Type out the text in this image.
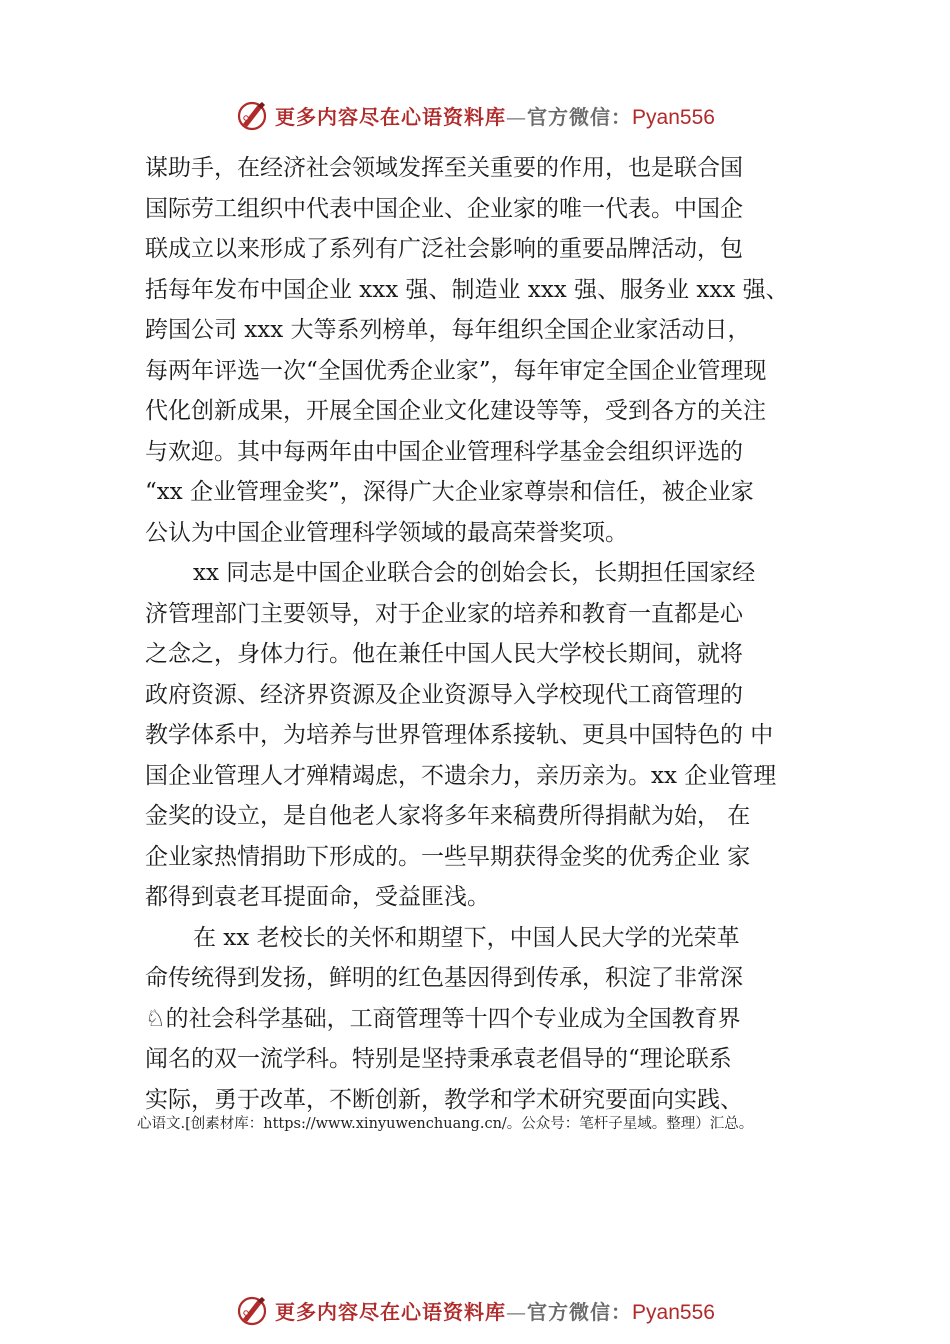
更多内容尽在心语资料库—官方微信：Pyan556
谋助手，在经济社会领域发挥至关重要的作用，也是联合国
国际劳工组织中代表中国企业、企业家的唯一代表。中国企
联成立以来形成了系列有广泛社会影响的重要品牌活动，包
括每年发布中国企业 xxx 强、制造业 xxx 强、服务业 xxx 强、
跨国公司 xxx 大等系列榜单，每年组织全国企业家活动日，
每两年评选一次“全国优秀企业家”，每年审定全国企业管理现
代化创新成果，开展全国企业文化建设等等，受到各方的关注
与欢迎。其中每两年由中国企业管理科学基金会组织评选的
“xx 企业管理金奖”，深得广大企业家尊崇和信任，被企业家
公认为中国企业管理科学领域的最高荣誉奖项。
xx 同志是中国企业联合会的创始会长，长期担任国家经
济管理部门主要领导，对于企业家的培养和教育一直都是心
之念之，身体力行。他在兼任中国人民大学校长期间，就将
政府资源、经济界资源及企业资源导入学校现代工商管理的
教学体系中，为培养与世界管理体系接轨、更具中国特色的 中
国企业管理人才殚精竭虑，不遗余力，亲历亲为。xx 企业管理
金奖的设立，是自他老人家将多年来稿费所得捐献为始， 在
企业家热情捐助下形成的。一些早期获得金奖的优秀企业 家
都得到袁老耳提面命，受益匪浅。
在 xx 老校长的关怀和期望下，中国人民大学的光荣革
命传统得到发扬，鲜明的红色基因得到传承，积淀了非常深
♘的社会科学基础，工商管理等十四个专业成为全国教育界
闻名的双一流学科。特别是坚持秉承袁老倡导的“理论联系
实际，勇于改革，不断创新，教学和学术研究要面向实践、
心语文.[创素材库：https://www.xinyuwenchuang.cn/。公众号：笔杆子星域。整理）汇总。
更多内容尽在心语资料库—官方微信：Pyan556
